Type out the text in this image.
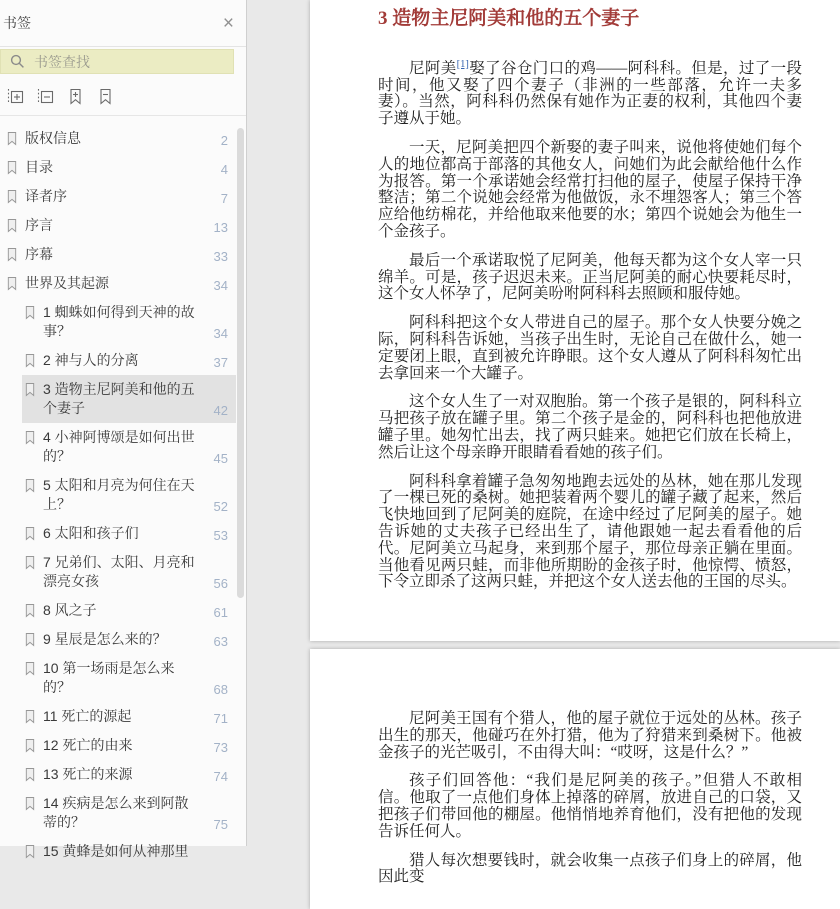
书签	×
书签查找
版权信息	2
目录	4
译者序	7
序言	13
序幕	33
世界及其起源	34
1 蜘蛛如何得到天神的故事？	34
2 神与人的分离	37
3 造物主尼阿美和他的五个妻子	42
4 小神阿博颂是如何出世的？	45
5 太阳和月亮为何住在天上？	52
6 太阳和孩子们	53
7 兄弟们、太阳、月亮和漂亮女孩	56
8 风之子	61
9 星辰是怎么来的？	63
10 第一场雨是怎么来的？	68
11 死亡的源起	71
12 死亡的由来	73
13 死亡的来源	74
14 疾病是怎么来到阿散蒂的？	75
15 黄蜂是如何从神那里
3 造物主尼阿美和他的五个妻子

尼阿美[1]娶了谷仓门口的鸡——阿科科。但是，过了一段时间，他又娶了四个妻子（非洲的一些部落，允许一夫多妻）。当然，阿科科仍然保有她作为正妻的权利，其他四个妻子遵从于她。

一天，尼阿美把四个新娶的妻子叫来，说他将使她们每个人的地位都高于部落的其他女人，问她们为此会献给他什么作为报答。第一个承诺她会经常打扫他的屋子，使屋子保持干净整洁；第二个说她会经常为他做饭，永不埋怨客人；第三个答应给他纺棉花，并给他取来他要的水；第四个说她会为他生一个金孩子。

最后一个承诺取悦了尼阿美，他每天都为这个女人宰一只绵羊。可是，孩子迟迟未来。正当尼阿美的耐心快要耗尽时，这个女人怀孕了，尼阿美吩咐阿科科去照顾和服侍她。

阿科科把这个女人带进自己的屋子。那个女人快要分娩之际，阿科科告诉她，当孩子出生时，无论自己在做什么，她一定要闭上眼，直到被允许睁眼。这个女人遵从了阿科科匆忙出去拿回来一个大罐子。

这个女人生了一对双胞胎。第一个孩子是银的，阿科科立马把孩子放在罐子里。第二个孩子是金的，阿科科也把他放进罐子里。她匆忙出去，找了两只蛙来。她把它们放在长椅上，然后让这个母亲睁开眼睛看看她的孩子们。

阿科科拿着罐子急匆匆地跑去远处的丛林，她在那儿发现了一棵已死的桑树。她把装着两个婴儿的罐子藏了起来，然后飞快地回到了尼阿美的庭院，在途中经过了尼阿美的屋子。她告诉她的丈夫孩子已经出生了，请他跟她一起去看看他的后代。尼阿美立马起身，来到那个屋子，那位母亲正躺在里面。当他看见两只蛙，而非他所期盼的金孩子时，他惊愕、愤怒，下令立即杀了这两只蛙，并把这个女人送去他的王国的尽头。

尼阿美王国有个猎人，他的屋子就位于远处的丛林。孩子出生的那天，他碰巧在外打猎，他为了狩猎来到桑树下。他被金孩子的光芒吸引，不由得大叫：“哎呀，这是什么？”

孩子们回答他：“我们是尼阿美的孩子。”但猎人不敢相信。他取了一点他们身体上掉落的碎屑，放进自己的口袋，又把孩子们带回他的棚屋。他悄悄地养育他们，没有把他的发现告诉任何人。

猎人每次想要钱时，就会收集一点孩子们身上的碎屑，他因此变
